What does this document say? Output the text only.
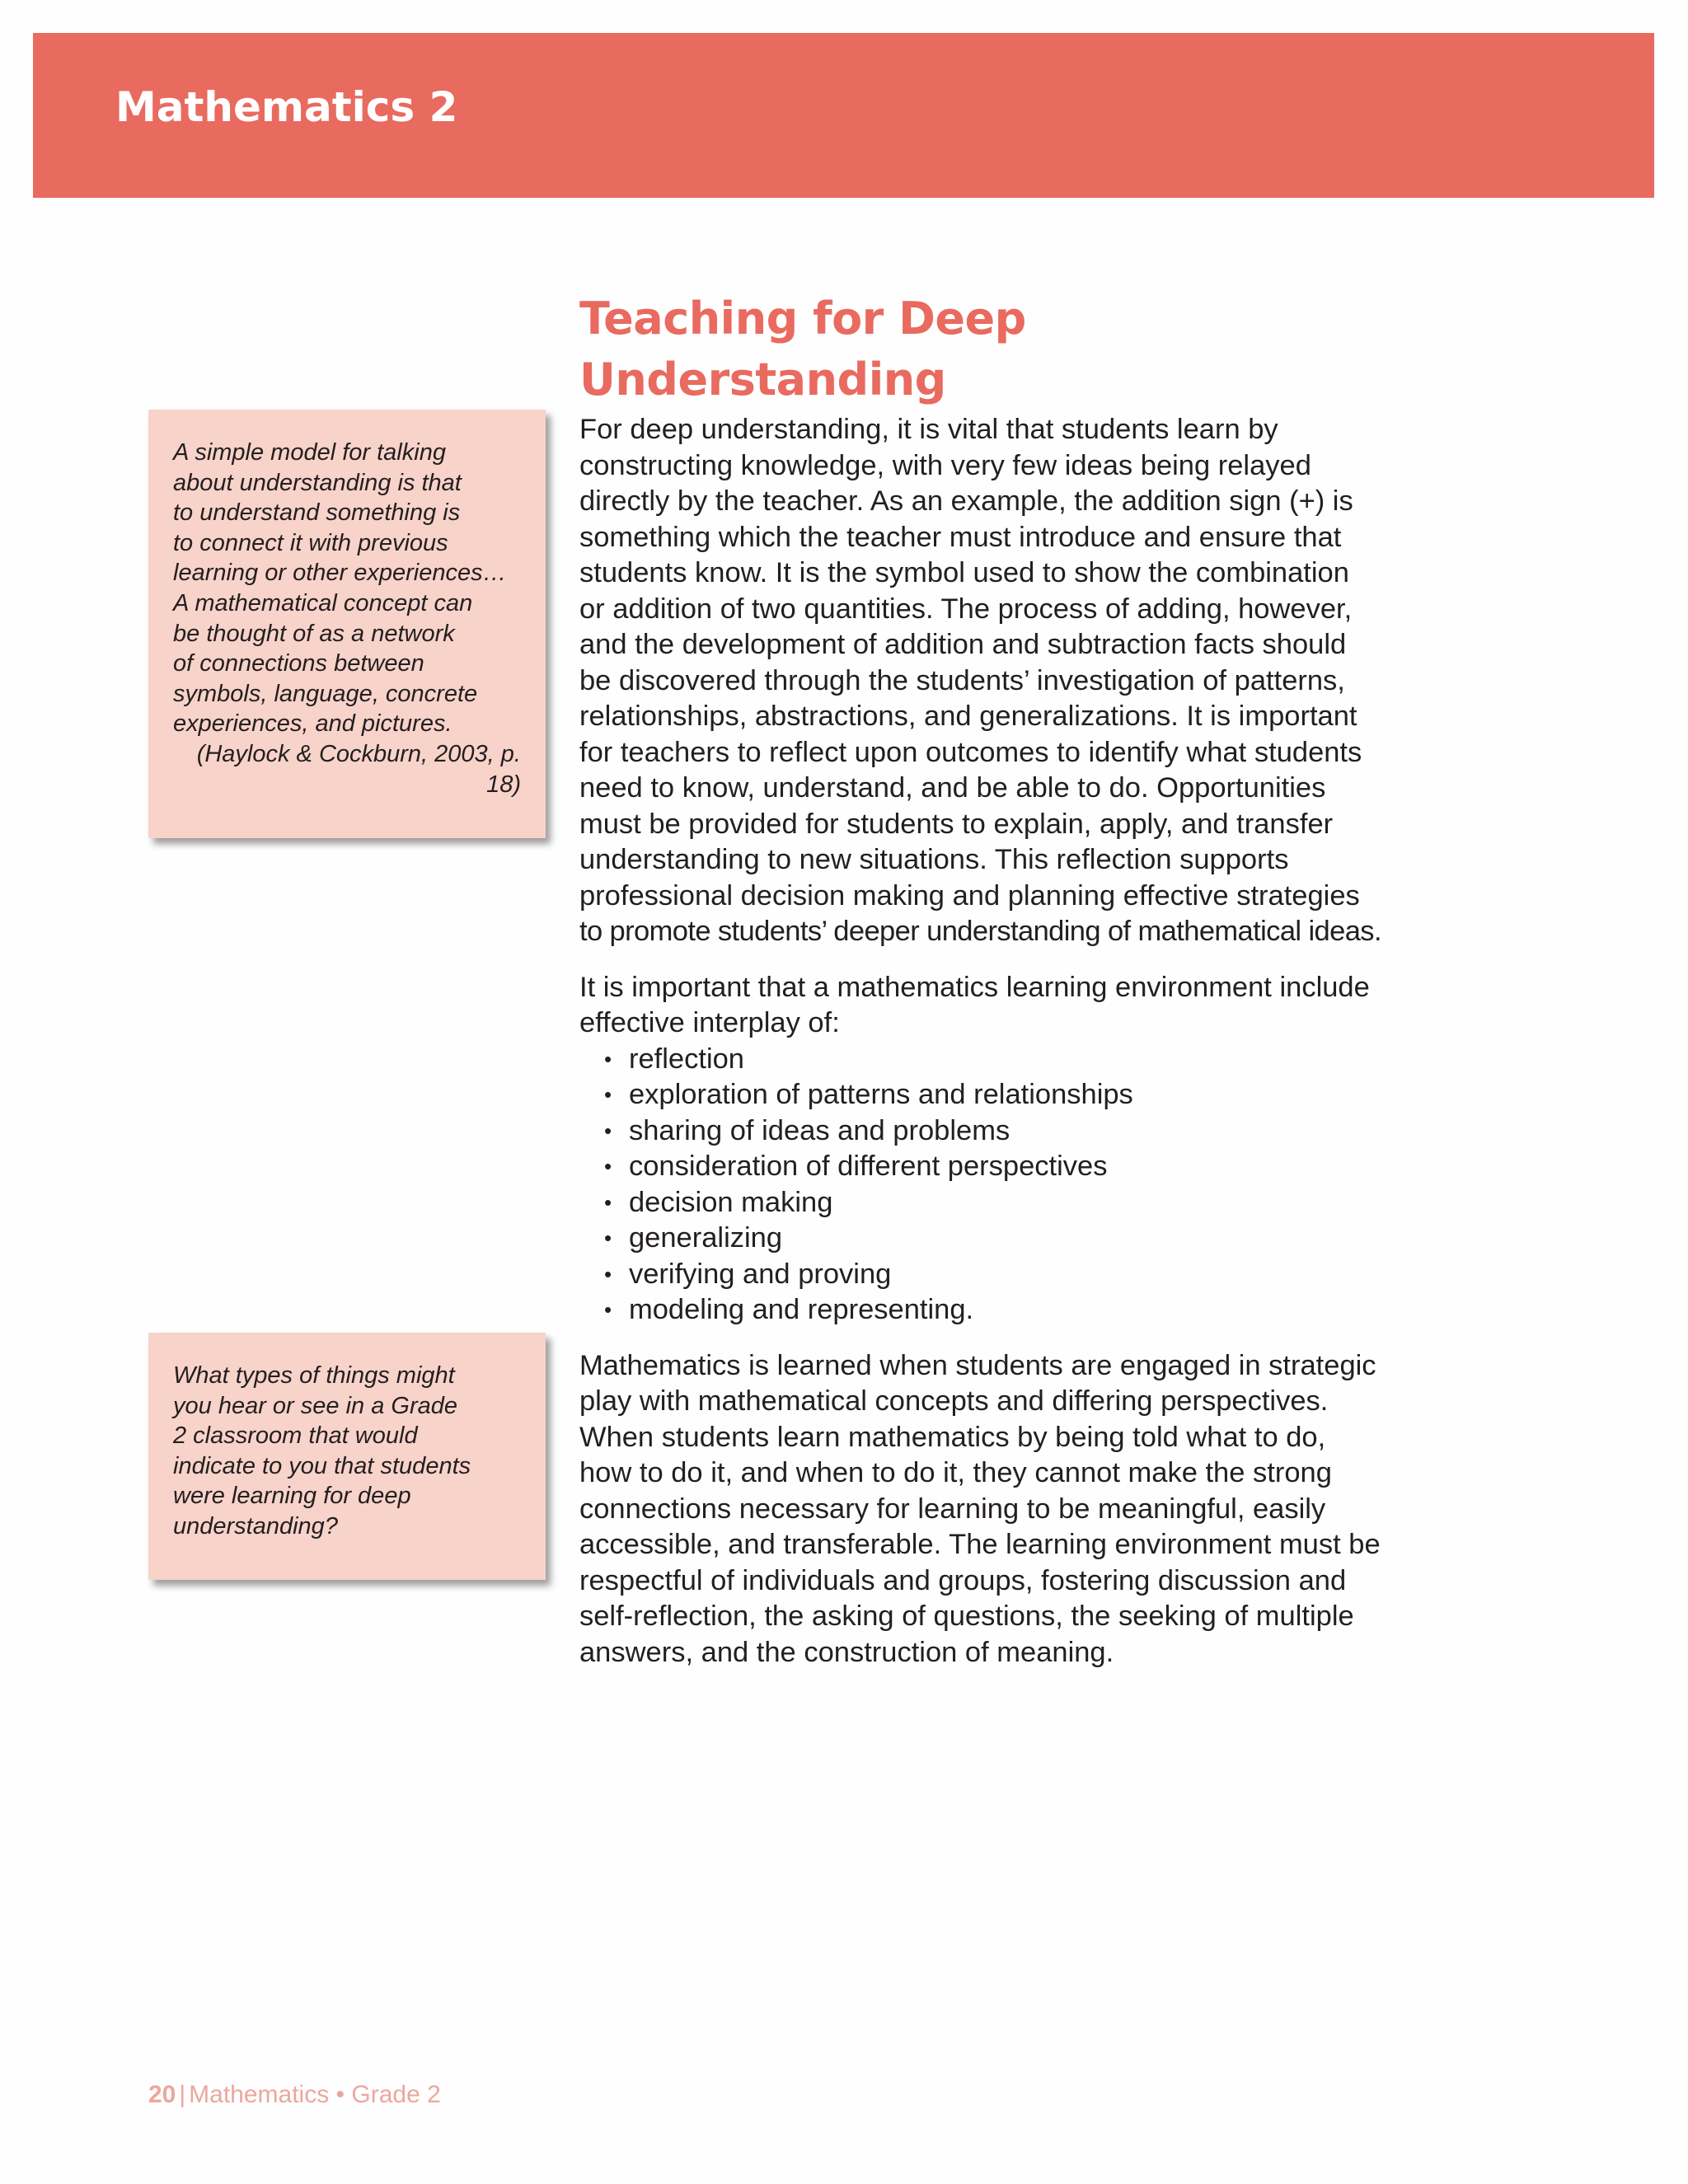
Mathematics 2

A simple model for talking
about understanding is that
to understand something is
to connect it with previous
learning or other experiences…
A mathematical concept can
be thought of as a network
of connections between
symbols, language, concrete
experiences, and pictures.

(Haylock & Cockburn, 2003, p.
18)

What types of things might
you hear or see in a Grade
2 classroom that would
indicate to you that students
were learning for deep
understanding?

Teaching for Deep Understanding

For deep understanding, it is vital that students learn by
constructing knowledge, with very few ideas being relayed
directly by the teacher. As an example, the addition sign (+) is
something which the teacher must introduce and ensure that
students know. It is the symbol used to show the combination
or addition of two quantities. The process of adding, however,
and the development of addition and subtraction facts should
be discovered through the students’ investigation of patterns,
relationships, abstractions, and generalizations. It is important
for teachers to reflect upon outcomes to identify what students
need to know, understand, and be able to do. Opportunities
must be provided for students to explain, apply, and transfer
understanding to new situations. This reflection supports
professional decision making and planning effective strategies
to promote students’ deeper understanding of mathematical ideas.

It is important that a mathematics learning environment include
effective interplay of:

• reflection
• exploration of patterns and relationships
• sharing of ideas and problems
• consideration of different perspectives
• decision making
• generalizing
• verifying and proving
• modeling and representing.

Mathematics is learned when students are engaged in strategic
play with mathematical concepts and differing perspectives.
When students learn mathematics by being told what to do,
how to do it, and when to do it, they cannot make the strong
connections necessary for learning to be meaningful, easily
accessible, and transferable. The learning environment must be
respectful of individuals and groups, fostering discussion and
self-reflection, the asking of questions, the seeking of multiple
answers, and the construction of meaning.

20 | Mathematics • Grade 2
